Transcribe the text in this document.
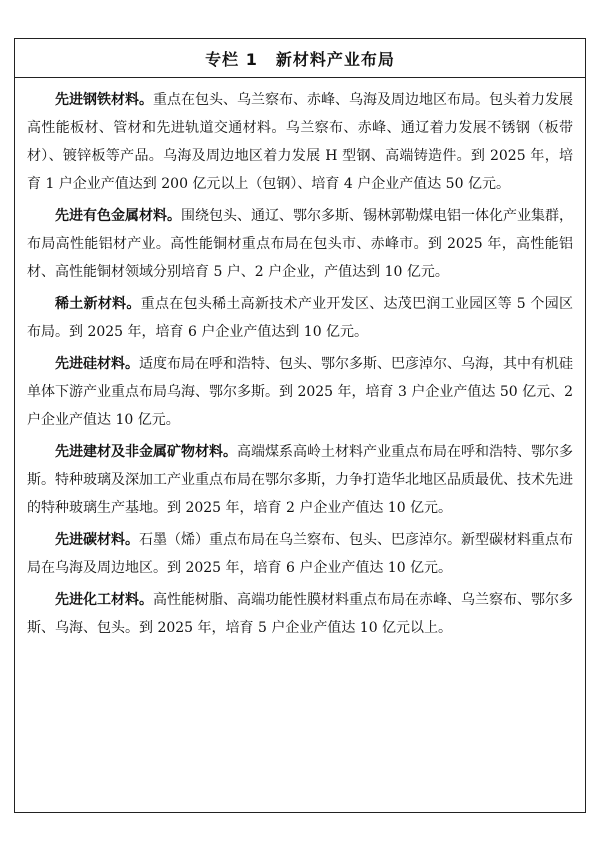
专栏 1 新材料产业布局

先进钢铁材料。重点在包头、乌兰察布、赤峰、乌海及周边地区布局。包头着力发展高性能板材、管材和先进轨道交通材料。乌兰察布、赤峰、通辽着力发展不锈钢（板带材）、镀锌板等产品。乌海及周边地区着力发展 H 型钢、高端铸造件。到 2025 年，培育 1 户企业产值达到 200 亿元以上（包钢）、培育 4 户企业产值达 50 亿元。

先进有色金属材料。围绕包头、通辽、鄂尔多斯、锡林郭勒煤电铝一体化产业集群，布局高性能铝材产业。高性能铜材重点布局在包头市、赤峰市。到 2025 年，高性能铝材、高性能铜材领域分别培育 5 户、2 户企业，产值达到 10 亿元。

稀土新材料。重点在包头稀土高新技术产业开发区、达茂巴润工业园区等 5 个园区布局。到 2025 年，培育 6 户企业产值达到 10 亿元。

先进硅材料。适度布局在呼和浩特、包头、鄂尔多斯、巴彦淖尔、乌海，其中有机硅单体下游产业重点布局乌海、鄂尔多斯。到 2025 年，培育 3 户企业产值达 50 亿元、2 户企业产值达 10 亿元。

先进建材及非金属矿物材料。高端煤系高岭土材料产业重点布局在呼和浩特、鄂尔多斯。特种玻璃及深加工产业重点布局在鄂尔多斯，力争打造华北地区品质最优、技术先进的特种玻璃生产基地。到 2025 年，培育 2 户企业产值达 10 亿元。

先进碳材料。石墨（烯）重点布局在乌兰察布、包头、巴彦淖尔。新型碳材料重点布局在乌海及周边地区。到 2025 年，培育 6 户企业产值达 10 亿元。

先进化工材料。高性能树脂、高端功能性膜材料重点布局在赤峰、乌兰察布、鄂尔多斯、乌海、包头。到 2025 年，培育 5 户企业产值达 10 亿元以上。
